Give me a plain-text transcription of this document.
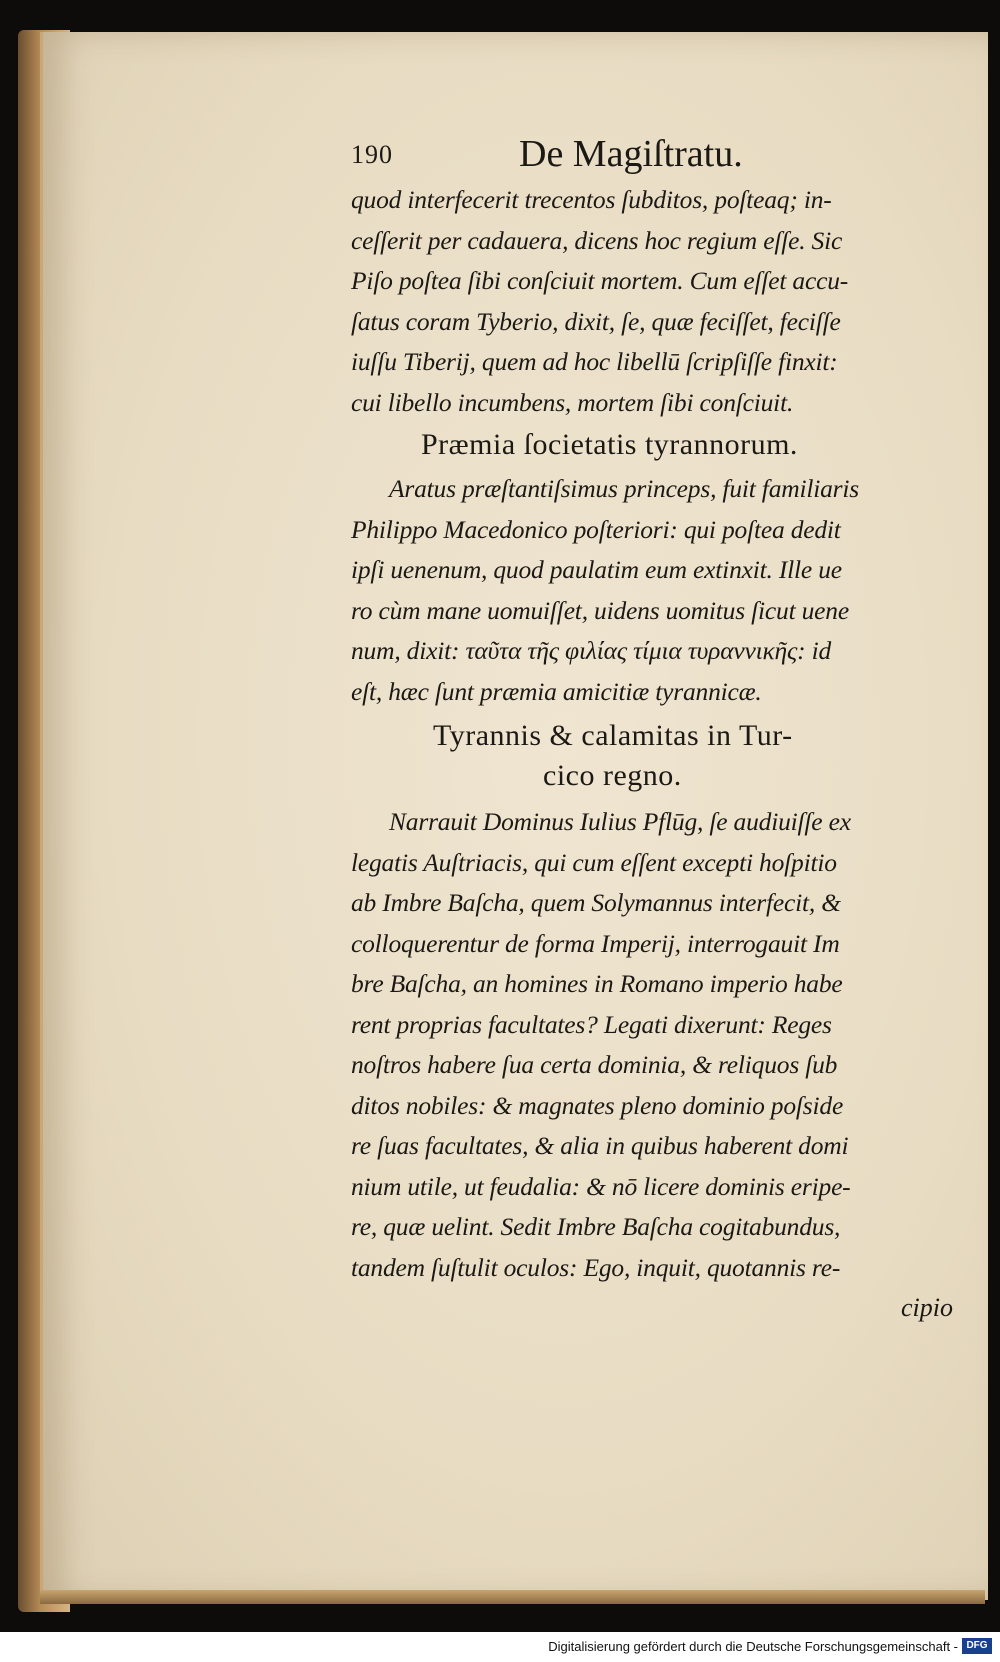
190	De Magiſtratu.
quod interfecerit trecentos ſubditos, poſteaq; in-
ceſſerit per cadauera, dicens hoc regium eſſe. Sic
Piſo poſtea ſibi conſciuit mortem. Cum eſſet accu-
ſatus coram Tyberio, dixit, ſe, quæ feciſſet, feciſſe
iuſſu Tiberij, quem ad hoc libellū ſcripſiſſe finxit:
cui libello incumbens, mortem ſibi conſciuit.
Præmia ſocietatis tyrannorum.
Aratus præſtantiſsimus princeps, fuit familiaris
Philippo Macedonico poſteriori: qui poſtea dedit
ipſi uenenum, quod paulatim eum extinxit. Ille ue
ro cùm mane uomuiſſet, uidens uomitus ſicut uene
num, dixit: ταῦτα τῆς φιλίας τίμια τυραννικῆς: id
eſt, hæc ſunt præmia amicitiæ tyrannicæ.
Tyrannis & calamitas in Tur-
cico regno.
Narrauit Dominus Iulius Pflūg, ſe audiuiſſe ex
legatis Auſtriacis, qui cum eſſent excepti hoſpitio
ab Imbre Baſcha, quem Solymannus interfecit, &
colloquerentur de forma Imperij, interrogauit Im
bre Baſcha, an homines in Romano imperio habe
rent proprias facultates? Legati dixerunt: Reges
noſtros habere ſua certa dominia, & reliquos ſub
ditos nobiles: & magnates pleno dominio poſside
re ſuas facultates, & alia in quibus haberent domi
nium utile, ut feudalia: & nō licere dominis eripe-
re, quæ uelint. Sedit Imbre Baſcha cogitabundus,
tandem ſuſtulit oculos: Ego, inquit, quotannis re-
cipio
Digitalisierung gefördert durch die Deutsche Forschungsgemeinschaft - DFG
